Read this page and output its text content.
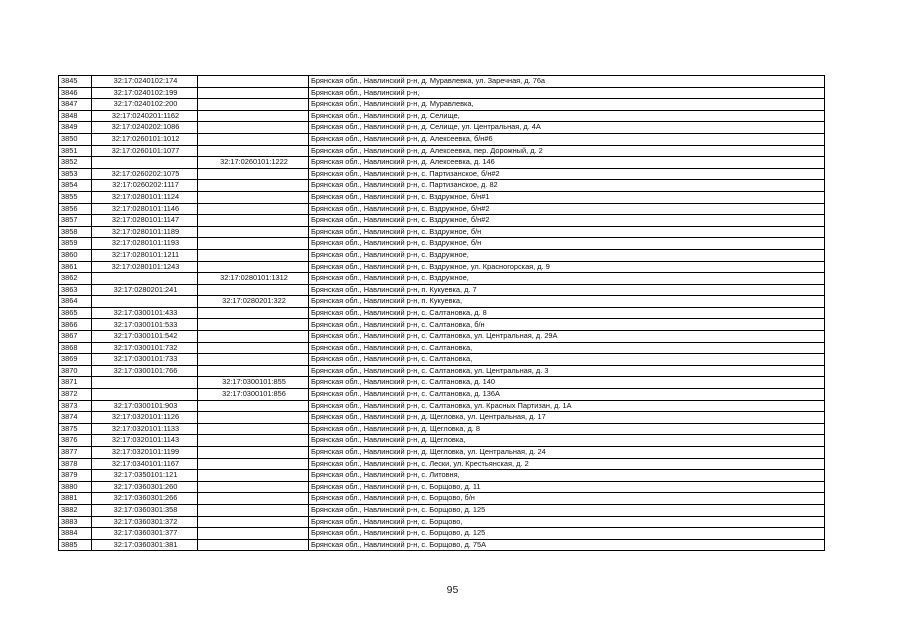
3845	32:17:0240102:174		Брянская обл., Навлинский р-н, д. Муравлевка, ул. Заречная, д. 76а
3846	32:17:0240102:199		Брянская обл., Навлинский р-н,
3847	32:17:0240102:200		Брянская обл., Навлинский р-н, д. Муравлевка,
3848	32:17:0240201:1162		Брянская обл., Навлинский р-н, д. Селище,
3849	32:17:0240202:1086		Брянская обл., Навлинский р-н, д. Селище, ул. Центральная, д. 4А
3850	32:17:0260101:1012		Брянская обл., Навлинский р-н, д. Алексеевка, б/н#6
3851	32:17:0260101:1077		Брянская обл., Навлинский р-н, д. Алексеевка, пер. Дорожный, д. 2
3852		32:17:0260101:1222	Брянская обл., Навлинский р-н, д. Алексеевка, д. 146
3853	32:17:0260202:1075		Брянская обл., Навлинский р-н, с. Партизанское, б/н#2
3854	32:17:0260202:1117		Брянская обл., Навлинский р-н, с. Партизанское, д. 82
3855	32:17:0280101:1124		Брянская обл., Навлинский р-н, с. Вздружное, б/н#1
3856	32:17:0280101:1146		Брянская обл., Навлинский р-н, с. Вздружное, б/н#2
3857	32:17:0280101:1147		Брянская обл., Навлинский р-н, с. Вздружное, б/н#2
3858	32:17:0280101:1189		Брянская обл., Навлинский р-н, с. Вздружное, б/н
3859	32:17:0280101:1193		Брянская обл., Навлинский р-н, с. Вздружное, б/н
3860	32:17:0280101:1211		Брянская обл., Навлинский р-н, с. Вздружное,
3861	32:17:0280101:1243		Брянская обл., Навлинский р-н, с. Вздружное, ул. Красногорская, д. 9
3862		32:17:0280101:1312	Брянская обл., Навлинский р-н, с. Вздружное,
3863	32:17:0280201:241		Брянская обл., Навлинский р-н, п. Кукуевка, д. 7
3864		32:17:0280201:322	Брянская обл., Навлинский р-н, п. Кукуевка,
3865	32:17:0300101:433		Брянская обл., Навлинский р-н, с. Салтановка, д. 8
3866	32:17:0300101:533		Брянская обл., Навлинский р-н, с. Салтановка, б/н
3867	32:17:0300101:542		Брянская обл., Навлинский р-н, с. Салтановка, ул. Центральная, д. 29А
3868	32:17:0300101:732		Брянская обл., Навлинский р-н, с. Салтановка,
3869	32:17:0300101:733		Брянская обл., Навлинский р-н, с. Салтановка,
3870	32:17:0300101:766		Брянская обл., Навлинский р-н, с. Салтановка, ул. Центральная, д. 3
3871		32:17:0300101:855	Брянская обл., Навлинский р-н, с. Салтановка, д. 140
3872		32:17:0300101:856	Брянская обл., Навлинский р-н, с. Салтановка, д. 136А
3873	32:17:0300101:903		Брянская обл., Навлинский р-н, с. Салтановка, ул. Красных Партизан, д. 1А
3874	32:17:0320101:1126		Брянская обл., Навлинский р-н, д. Щегловка, ул. Центральная, д. 17
3875	32:17:0320101:1133		Брянская обл., Навлинский р-н, д. Щегловка, д. 8
3876	32:17:0320101:1143		Брянская обл., Навлинский р-н, д. Щегловка,
3877	32:17:0320101:1199		Брянская обл., Навлинский р-н, д. Щегловка, ул. Центральная, д. 24
3878	32:17:0340101:1167		Брянская обл., Навлинский р-н, с. Лески, ул. Крестьянская, д. 2
3879	32:17:0350101:121		Брянская обл., Навлинский р-н, с. Литовня,
3880	32:17:0360301:260		Брянская обл., Навлинский р-н, с. Борщово, д. 11
3881	32:17:0360301:266		Брянская обл., Навлинский р-н, с. Борщово, б/н
3882	32:17:0360301:358		Брянская обл., Навлинский р-н, с. Борщово, д. 125
3883	32:17:0360301:372		Брянская обл., Навлинский р-н, с. Борщово,
3884	32:17:0360301:377		Брянская обл., Навлинский р-н, с. Борщово, д. 125
3885	32:17:0360301:381		Брянская обл., Навлинский р-н, с. Борщово, д. 75А
95
